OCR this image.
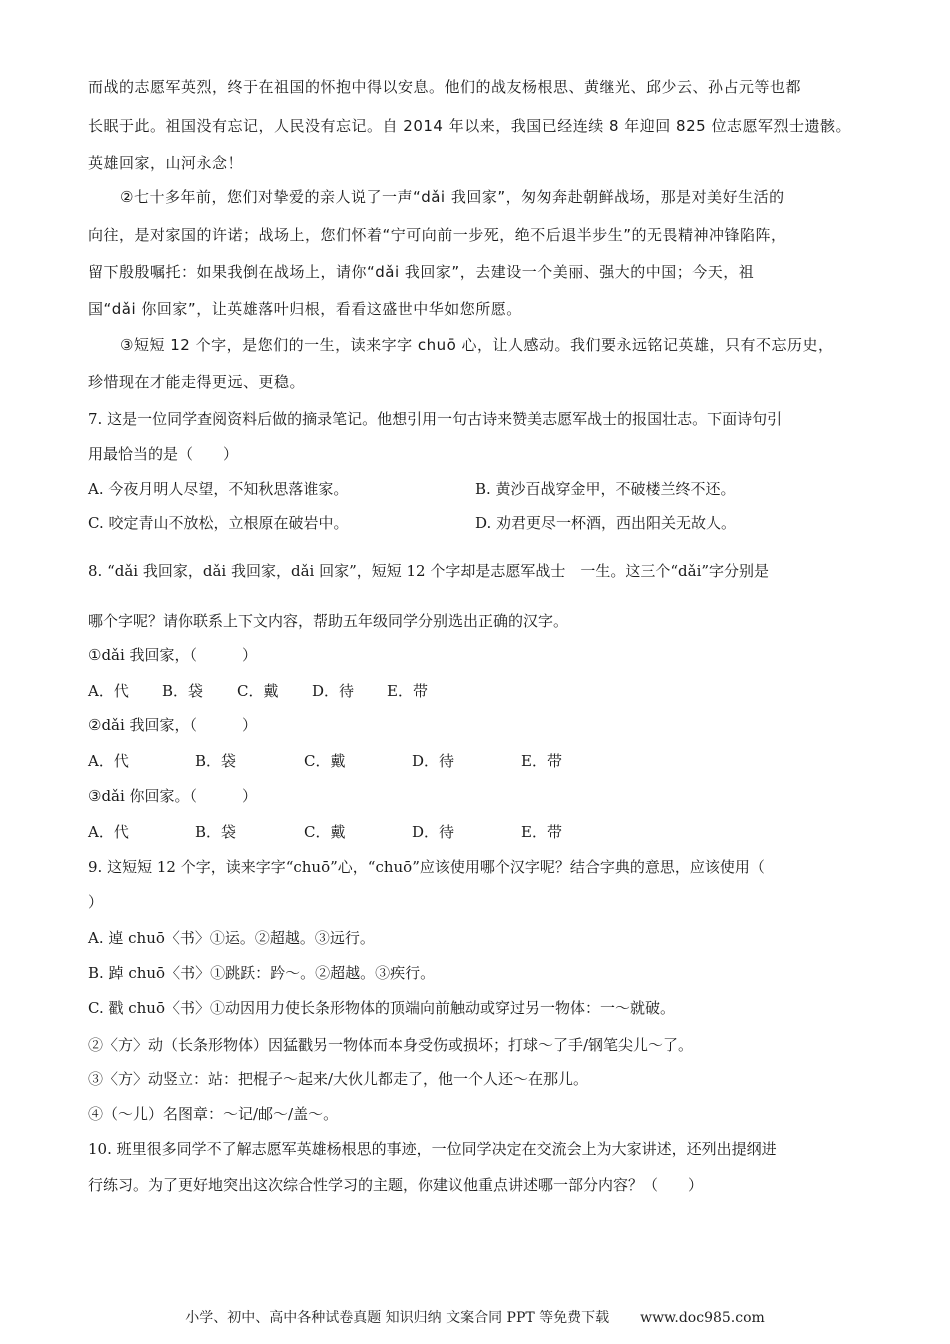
而战的志愿军英烈，终于在祖国的怀抱中得以安息。他们的战友杨根思、黄继光、邱少云、孙占元等也都
长眠于此。祖国没有忘记，人民没有忘记。自 2014 年以来，我国已经连续 8 年迎回 825 位志愿军烈士遗骸。
英雄回家，山河永念！
②七十多年前，您们对挚爱的亲人说了一声“dǎi 我回家”，匆匆奔赴朝鲜战场，那是对美好生活的
向往，是对家国的许诺；战场上，您们怀着“宁可向前一步死，绝不后退半步生”的无畏精神冲锋陷阵，
留下殷殷嘱托：如果我倒在战场上，请你“dǎi 我回家”，去建设一个美丽、强大的中国；今天，祖
国“dǎi 你回家”，让英雄落叶归根，看看这盛世中华如您所愿。
③短短 12 个字，是您们的一生，读来字字 chuō 心，让人感动。我们要永远铭记英雄，只有不忘历史，
珍惜现在才能走得更远、更稳。
7. 这是一位同学查阅资料后做的摘录笔记。他想引用一句古诗来赞美志愿军战士的报国壮志。下面诗句引
用最恰当的是（　　）
A. 今夜月明人尽望，不知秋思落谁家。	B. 黄沙百战穿金甲，不破楼兰终不还。
C. 咬定青山不放松，立根原在破岩中。	D. 劝君更尽一杯酒，西出阳关无故人。
8. “dǎi 我回家，dǎi 我回家，dǎi 回家”，短短 12 个字却是志愿军战士　一生。这三个“dǎi”字分别是
哪个字呢？请你联系上下文内容，帮助五年级同学分别选出正确的汉字。
①dǎi 我回家，（　　　）
A．代 B．袋 C．戴 D．待 E．带
②dǎi 我回家，（　　　）
A．代	B．袋	C．戴	D．待	E．带
③dǎi 你回家。（　　　）
A．代	B．袋	C．戴	D．待	E．带
9. 这短短 12 个字，读来字字“chuō”心，“chuō”应该使用哪个汉字呢？结合字典的意思，应该使用（
）
A. 逴 chuō〈书〉①运。②超越。③远行。
B. 踔 chuō〈书〉①跳跃：趻～。②超越。③疾行。
C. 戳 chuō〈书〉①动因用力使长条形物体的顶端向前触动或穿过另一物体：一～就破。
②〈方〉动（长条形物体）因猛戳另一物体而本身受伤或损坏；打球～了手/钢笔尖儿～了。
③〈方〉动竖立：站：把棍子～起来/大伙儿都走了，他一个人还～在那儿。
④（～儿）名图章：～记/邮～/盖～。
10. 班里很多同学不了解志愿军英雄杨根思的事迹，一位同学决定在交流会上为大家讲述，还列出提纲进
行练习。为了更好地突出这次综合性学习的主题，你建议他重点讲述哪一部分内容？（　　）
小学、初中、高中各种试卷真题 知识归纳 文案合同 PPT 等免费下载 www.doc985.com
